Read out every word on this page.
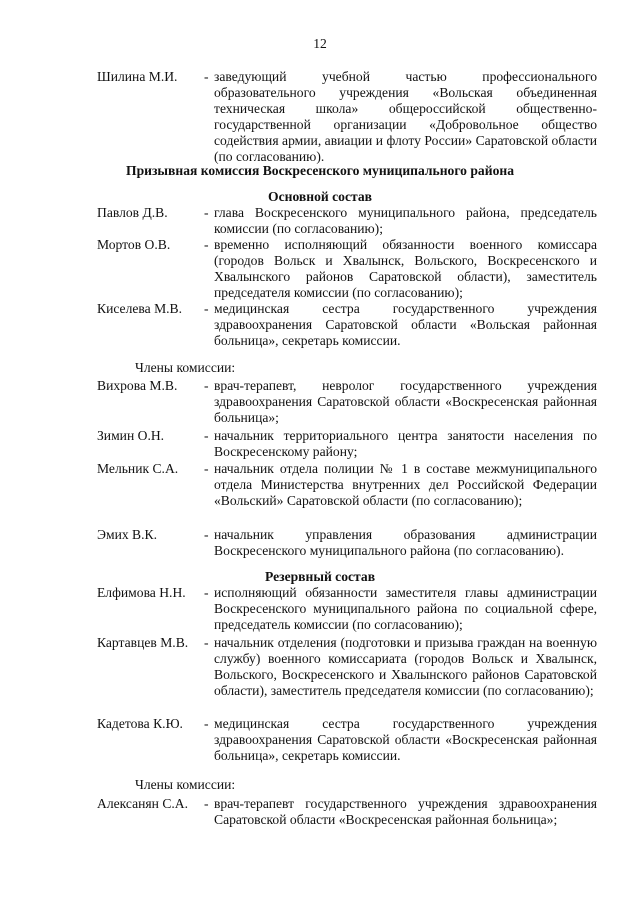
12
Шилина М.И.	- заведующий учебной частью профессионального образовательного учреждения «Вольская объединенная техническая школа» общероссийской общественно-государственной организации «Добровольное общество содействия армии, авиации и флоту России» Саратовской области (по согласованию).
Призывная комиссия Воскресенского муниципального района
Основной состав
Павлов Д.В.	- глава Воскресенского муниципального района, председатель комиссии (по согласованию);
Мортов О.В.	- временно исполняющий обязанности военного комиссара (городов Вольск и Хвалынск, Вольского, Воскресенского и Хвалынского районов Саратовской области), заместитель председателя комиссии (по согласованию);
Киселева М.В.	- медицинская сестра государственного учреждения здравоохранения Саратовской области «Вольская районная больница», секретарь комиссии.
Члены комиссии:
Вихрова М.В.	- врач-терапевт, невролог государственного учреждения здравоохранения Саратовской области «Воскресенская районная больница»;
Зимин О.Н.	- начальник территориального центра занятости населения по Воскресенскому району;
Мельник С.А.	- начальник отдела полиции № 1 в составе межмуниципального отдела Министерства внутренних дел Российской Федерации «Вольский» Саратовской области (по согласованию);
Эмих В.К.	- начальник управления образования администрации Воскресенского муниципального района (по согласованию).
Резервный состав
Елфимова Н.Н.	- исполняющий обязанности заместителя главы администрации Воскресенского муниципального района по социальной сфере, председатель комиссии (по согласованию);
Картавцев М.В.	- начальник отделения (подготовки и призыва граждан на военную службу) военного комиссариата (городов Вольск и Хвалынск, Вольского, Воскресенского и Хвалынского районов Саратовской области), заместитель председателя комиссии (по согласованию);
Кадетова К.Ю.	- медицинская сестра государственного учреждения здравоохранения Саратовской области «Воскресенская районная больница», секретарь комиссии.
Члены комиссии:
Алексанян С.А.	- врач-терапевт государственного учреждения здравоохранения Саратовской области «Воскресенская районная больница»;
